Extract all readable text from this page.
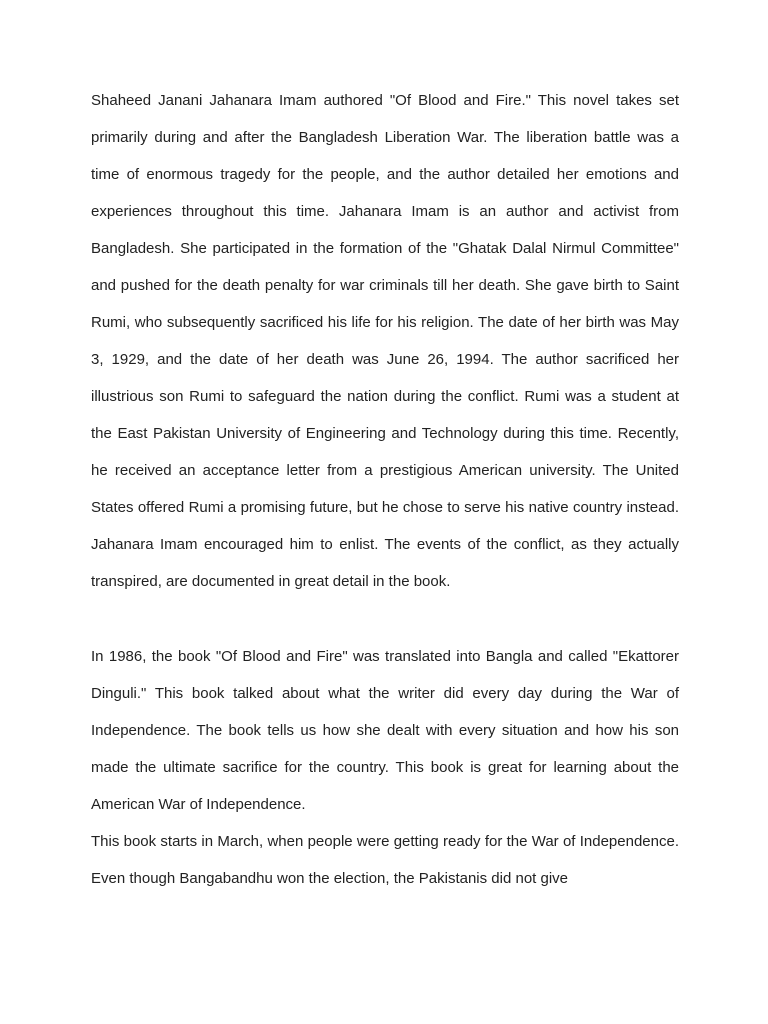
Shaheed Janani Jahanara Imam authored "Of Blood and Fire." This novel takes set primarily during and after the Bangladesh Liberation War. The liberation battle was a time of enormous tragedy for the people, and the author detailed her emotions and experiences throughout this time. Jahanara Imam is an author and activist from Bangladesh. She participated in the formation of the "Ghatak Dalal Nirmul Committee" and pushed for the death penalty for war criminals till her death. She gave birth to Saint Rumi, who subsequently sacrificed his life for his religion. The date of her birth was May 3, 1929, and the date of her death was June 26, 1994. The author sacrificed her illustrious son Rumi to safeguard the nation during the conflict. Rumi was a student at the East Pakistan University of Engineering and Technology during this time. Recently, he received an acceptance letter from a prestigious American university. The United States offered Rumi a promising future, but he chose to serve his native country instead. Jahanara Imam encouraged him to enlist. The events of the conflict, as they actually transpired, are documented in great detail in the book.

In 1986, the book "Of Blood and Fire" was translated into Bangla and called "Ekattorer Dinguli." This book talked about what the writer did every day during the War of Independence. The book tells us how she dealt with every situation and how his son made the ultimate sacrifice for the country. This book is great for learning about the American War of Independence.

This book starts in March, when people were getting ready for the War of Independence. Even though Bangabandhu won the election, the Pakistanis did not give
